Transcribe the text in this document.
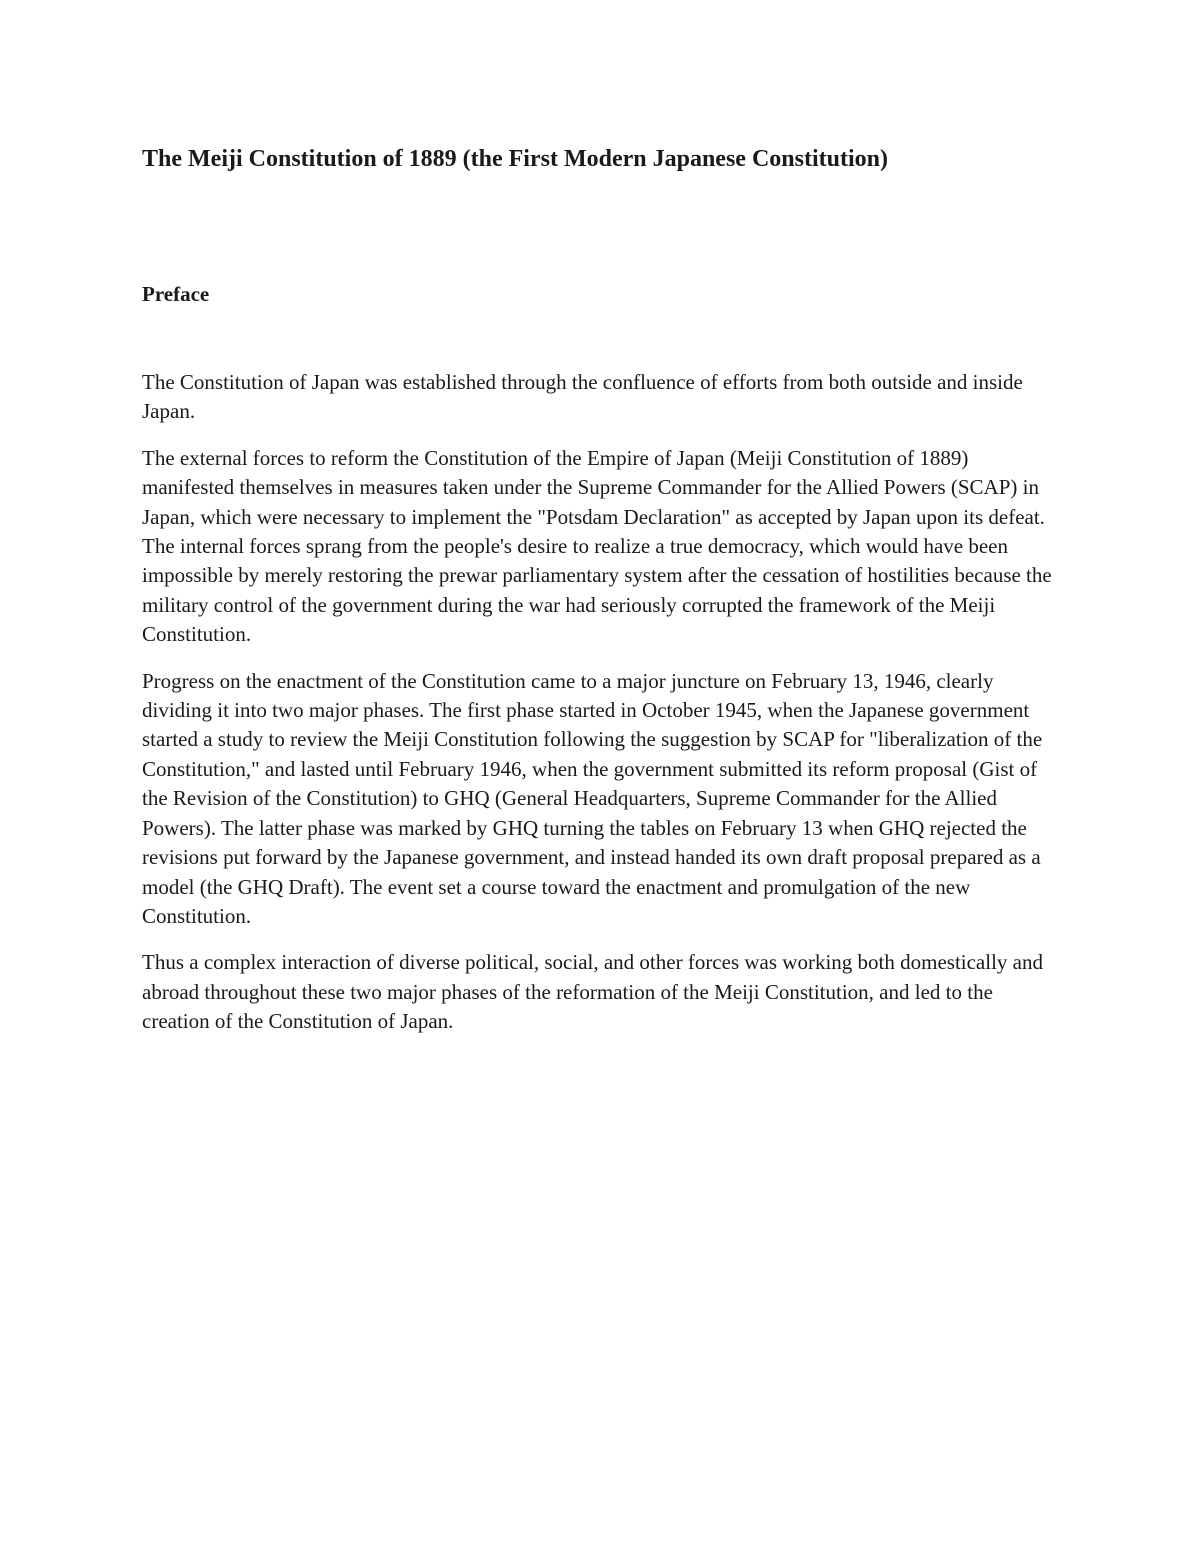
The Meiji Constitution of 1889 (the First Modern Japanese Constitution)
Preface

The Constitution of Japan was established through the confluence of efforts from both outside and inside Japan.

The external forces to reform the Constitution of the Empire of Japan (Meiji Constitution of 1889) manifested themselves in measures taken under the Supreme Commander for the Allied Powers (SCAP) in Japan, which were necessary to implement the "Potsdam Declaration" as accepted by Japan upon its defeat. The internal forces sprang from the people's desire to realize a true democracy, which would have been impossible by merely restoring the prewar parliamentary system after the cessation of hostilities because the military control of the government during the war had seriously corrupted the framework of the Meiji Constitution.

Progress on the enactment of the Constitution came to a major juncture on February 13, 1946, clearly dividing it into two major phases. The first phase started in October 1945, when the Japanese government started a study to review the Meiji Constitution following the suggestion by SCAP for "liberalization of the Constitution," and lasted until February 1946, when the government submitted its reform proposal (Gist of the Revision of the Constitution) to GHQ (General Headquarters, Supreme Commander for the Allied Powers). The latter phase was marked by GHQ turning the tables on February 13 when GHQ rejected the revisions put forward by the Japanese government, and instead handed its own draft proposal prepared as a model (the GHQ Draft). The event set a course toward the enactment and promulgation of the new Constitution.

Thus a complex interaction of diverse political, social, and other forces was working both domestically and abroad throughout these two major phases of the reformation of the Meiji Constitution, and led to the creation of the Constitution of Japan.
